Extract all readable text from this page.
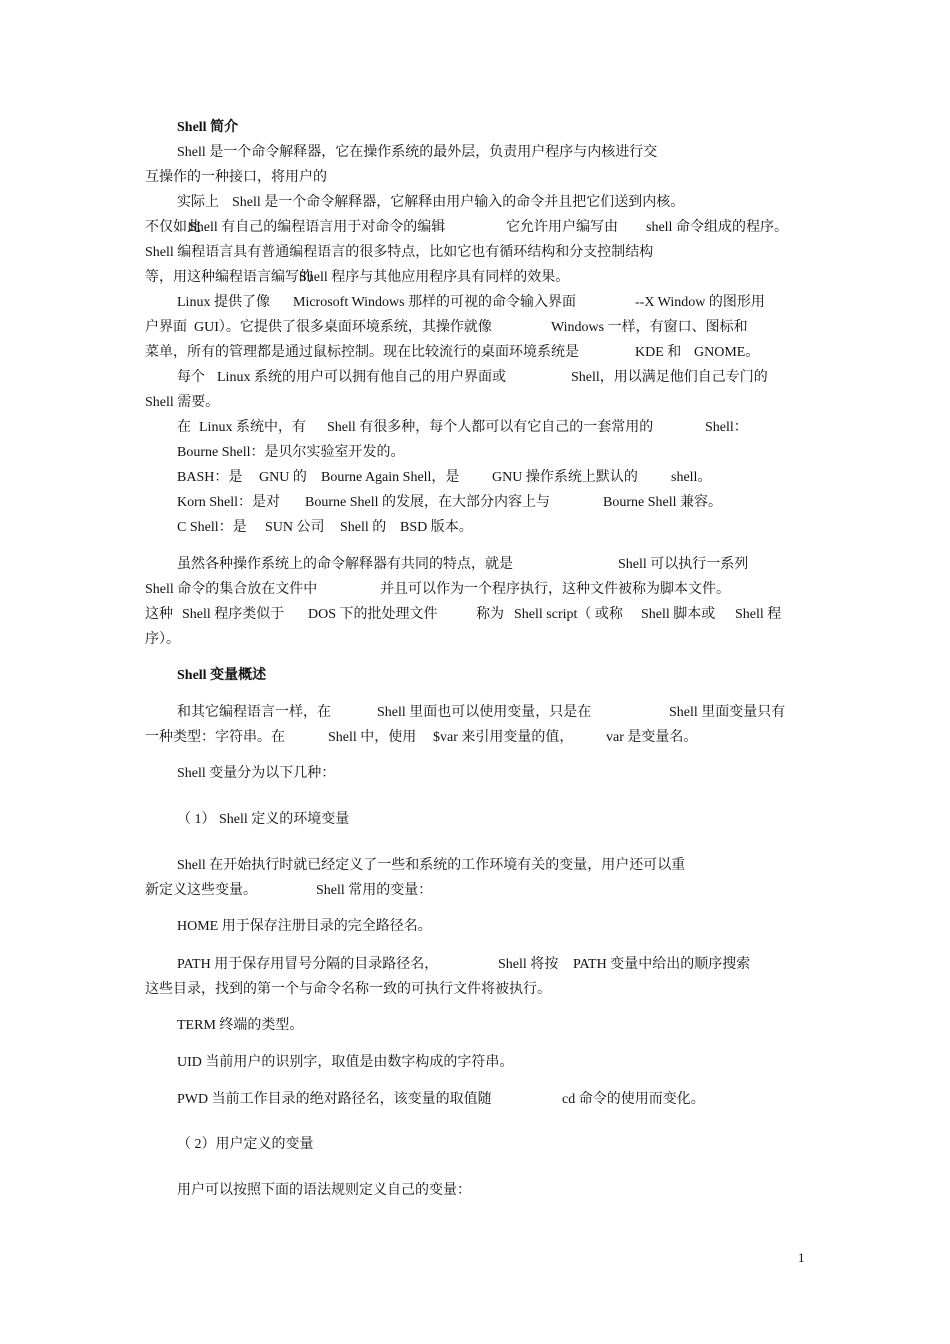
Shell 简介
Shell 是一个命令解释器，它在操作系统的最外层，负责用户程序与内核进行交
互操作的一种接口，将用户的
实际上 Shell 是一个命令解释器，它解释由用户输入的命令并且把它们送到内核。
不仅如此
Shell 有自己的编程语言用于对命令的编辑	它允许用户编写由 shell 命令组成的程序。
Shell 编程语言具有普通编程语言的很多特点，比如它也有循环结构和分支控制结构
等，用这种编程语言编写的
Shell 程序与其他应用程序具有同样的效果。
Linux 提供了像 Microsoft Windows 那样的可视的命令输入界面	--X Window 的图形用
户界面 GUI）。它提供了很多桌面环境系统，其操作就像	Windows 一样，有窗口、图标和
菜单，所有的管理都是通过鼠标控制。现在比较流行的桌面环境系统是	KDE 和 GNOME。
每个 Linux 系统的用户可以拥有他自己的用户界面或	Shell，用以满足他们自己专门的
Shell 需要。
在 Linux 系统中，有 Shell 有很多种，每个人都可以有它自己的一套常用的	Shell：
Bourne Shell：是贝尔实验室开发的。
BASH：是 GNU 的 Bourne Again Shell，是 GNU 操作系统上默认的 shell。
Korn Shell：是对 Bourne Shell 的发展，在大部分内容上与	Bourne Shell 兼容。
C Shell：是 SUN 公司 Shell 的 BSD 版本。
虽然各种操作系统上的命令解释器有共同的特点，就是	Shell 可以执行一系列
Shell 命令的集合放在文件中	并且可以作为一个程序执行，这种文件被称为脚本文件。
这种 Shell 程序类似于 DOS 下的批处理文件	称为 Shell script（ 或称 Shell 脚本或 Shell 程
序）。
Shell 变量概述
和其它编程语言一样，在	Shell 里面也可以使用变量，只是在	Shell 里面变量只有
一种类型：字符串。在	Shell 中，使用 $var 来引用变量的值， var 是变量名。
Shell 变量分为以下几种：
（ 1） Shell 定义的环境变量
Shell 在开始执行时就已经定义了一些和系统的工作环境有关的变量，用户还可以重
新定义这些变量。	Shell 常用的变量：
HOME 用于保存注册目录的完全路径名。
PATH 用于保存用冒号分隔的目录路径名，	Shell 将按 PATH 变量中给出的顺序搜索
这些目录，找到的第一个与命令名称一致的可执行文件将被执行。
TERM 终端的类型。
UID 当前用户的识别字，取值是由数字构成的字符串。
PWD 当前工作目录的绝对路径名，该变量的取值随	cd 命令的使用而变化。
（ 2）用户定义的变量
用户可以按照下面的语法规则定义自己的变量：
1
